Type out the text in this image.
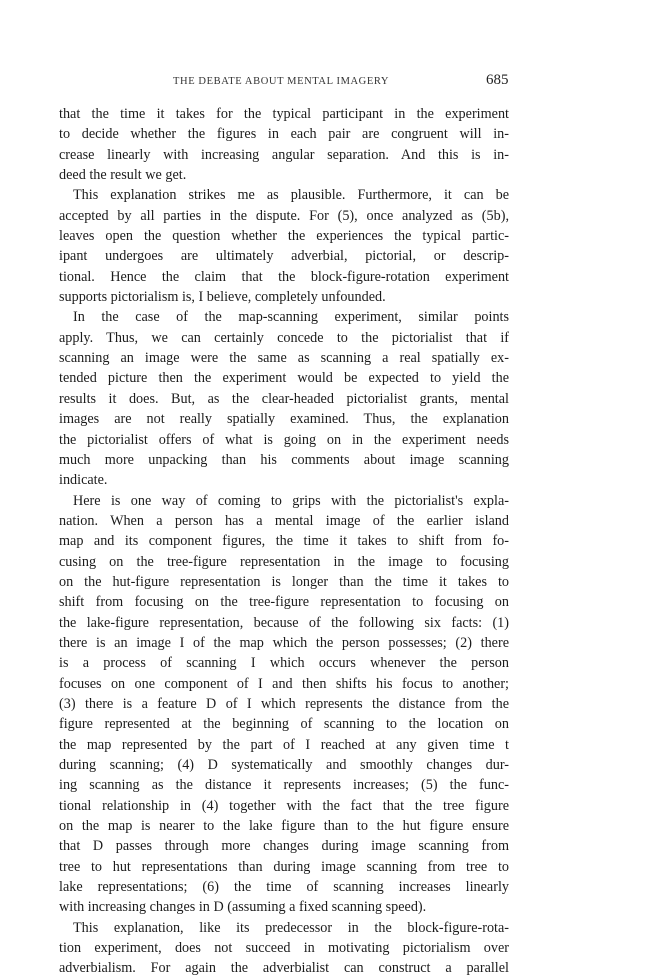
THE DEBATE ABOUT MENTAL IMAGERY	685
that the time it takes for the typical participant in the experiment
to decide whether the figures in each pair are congruent will in-
crease linearly with increasing angular separation. And this is in-
deed the result we get.
This explanation strikes me as plausible. Furthermore, it can be
accepted by all parties in the dispute. For (5), once analyzed as (5b),
leaves open the question whether the experiences the typical partic-
ipant undergoes are ultimately adverbial, pictorial, or descrip-
tional. Hence the claim that the block-figure-rotation experiment
supports pictorialism is, I believe, completely unfounded.
In the case of the map-scanning experiment, similar points
apply. Thus, we can certainly concede to the pictorialist that if
scanning an image were the same as scanning a real spatially ex-
tended picture then the experiment would be expected to yield the
results it does. But, as the clear-headed pictorialist grants, mental
images are not really spatially examined. Thus, the explanation
the pictorialist offers of what is going on in the experiment needs
much more unpacking than his comments about image scanning
indicate.
Here is one way of coming to grips with the pictorialist's expla-
nation. When a person has a mental image of the earlier island
map and its component figures, the time it takes to shift from fo-
cusing on the tree-figure representation in the image to focusing
on the hut-figure representation is longer than the time it takes to
shift from focusing on the tree-figure representation to focusing on
the lake-figure representation, because of the following six facts: (1)
there is an image I of the map which the person possesses; (2) there
is a process of scanning I which occurs whenever the person
focuses on one component of I and then shifts his focus to another;
(3) there is a feature D of I which represents the distance from the
figure represented at the beginning of scanning to the location on
the map represented by the part of I reached at any given time t
during scanning; (4) D systematically and smoothly changes dur-
ing scanning as the distance it represents increases; (5) the func-
tional relationship in (4) together with the fact that the tree figure
on the map is nearer to the lake figure than to the hut figure ensure
that D passes through more changes during image scanning from
tree to hut representations than during image scanning from tree to
lake representations; (6) the time of scanning increases linearly
with increasing changes in D (assuming a fixed scanning speed).
This explanation, like its predecessor in the block-figure-rota-
tion experiment, does not succeed in motivating pictorialism over
adverbialism. For again the adverbialist can construct a parallel
